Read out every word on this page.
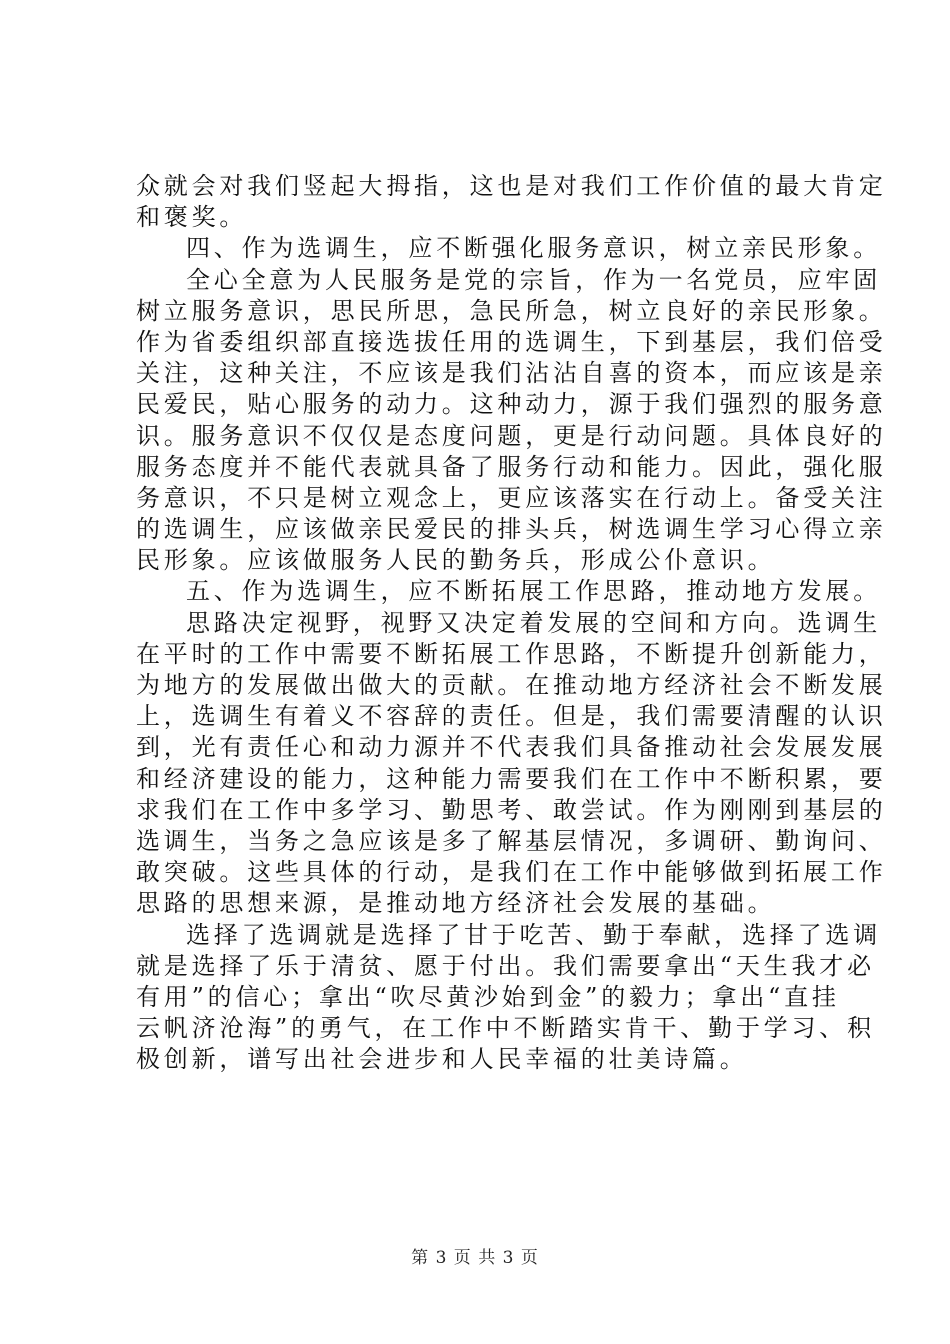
众就会对我们竖起大拇指，这也是对我们工作价值的最大肯定
和褒奖。
四、作为选调生，应不断强化服务意识，树立亲民形象。
全心全意为人民服务是党的宗旨，作为一名党员，应牢固
树立服务意识，思民所思，急民所急，树立良好的亲民形象。
作为省委组织部直接选拔任用的选调生，下到基层，我们倍受
关注，这种关注，不应该是我们沾沾自喜的资本，而应该是亲
民爱民，贴心服务的动力。这种动力，源于我们强烈的服务意
识。服务意识不仅仅是态度问题，更是行动问题。具体良好的
服务态度并不能代表就具备了服务行动和能力。因此，强化服
务意识，不只是树立观念上，更应该落实在行动上。备受关注
的选调生，应该做亲民爱民的排头兵，树选调生学习心得立亲
民形象。应该做服务人民的勤务兵，形成公仆意识。
五、作为选调生，应不断拓展工作思路，推动地方发展。
思路决定视野，视野又决定着发展的空间和方向。选调生
在平时的工作中需要不断拓展工作思路，不断提升创新能力，
为地方的发展做出做大的贡献。在推动地方经济社会不断发展
上，选调生有着义不容辞的责任。但是，我们需要清醒的认识
到，光有责任心和动力源并不代表我们具备推动社会发展发展
和经济建设的能力，这种能力需要我们在工作中不断积累，要
求我们在工作中多学习、勤思考、敢尝试。作为刚刚到基层的
选调生，当务之急应该是多了解基层情况，多调研、勤询问、
敢突破。这些具体的行动，是我们在工作中能够做到拓展工作
思路的思想来源，是推动地方经济社会发展的基础。
选择了选调就是选择了甘于吃苦、勤于奉献，选择了选调
就是选择了乐于清贫、愿于付出。我们需要拿出“天生我才必
有用”的信心；拿出“吹尽黄沙始到金”的毅力；拿出“直挂
云帆济沧海”的勇气，在工作中不断踏实肯干、勤于学习、积
极创新，谱写出社会进步和人民幸福的壮美诗篇。
第 3 页 共 3 页
